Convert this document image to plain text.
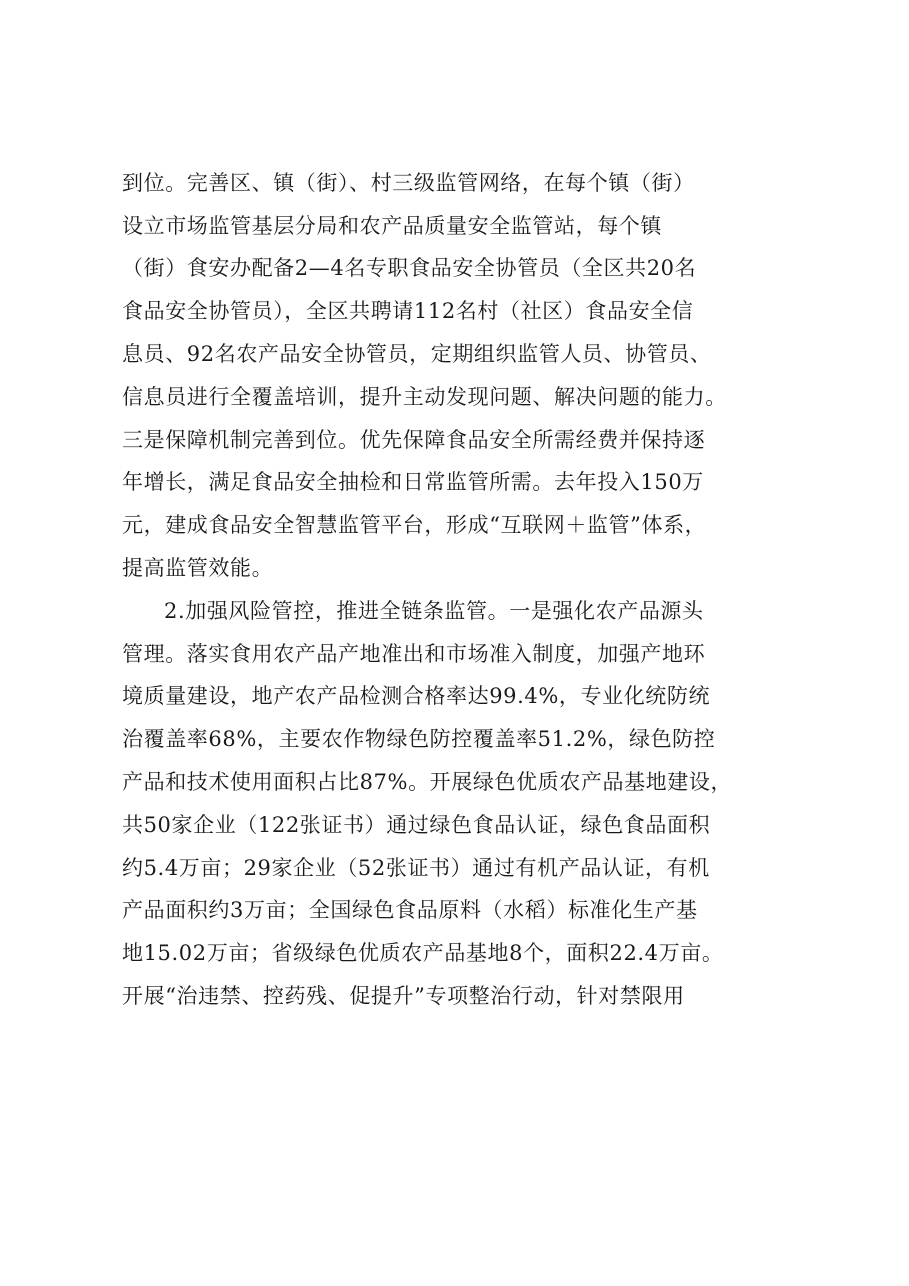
到位。完善区、镇（街）、村三级监管网络，在每个镇（街）
设立市场监管基层分局和农产品质量安全监管站，每个镇
（街）食安办配备2—4名专职食品安全协管员（全区共20名
食品安全协管员），全区共聘请112名村（社区）食品安全信
息员、92名农产品安全协管员，定期组织监管人员、协管员、
信息员进行全覆盖培训，提升主动发现问题、解决问题的能力。
三是保障机制完善到位。优先保障食品安全所需经费并保持逐
年增长，满足食品安全抽检和日常监管所需。去年投入150万
元，建成食品安全智慧监管平台，形成“互联网＋监管”体系，
提高监管效能。
2.加强风险管控，推进全链条监管。一是强化农产品源头
管理。落实食用农产品产地准出和市场准入制度，加强产地环
境质量建设，地产农产品检测合格率达99.4%，专业化统防统
治覆盖率68%，主要农作物绿色防控覆盖率51.2%，绿色防控
产品和技术使用面积占比87%。开展绿色优质农产品基地建设，
共50家企业（122张证书）通过绿色食品认证，绿色食品面积
约5.4万亩；29家企业（52张证书）通过有机产品认证，有机
产品面积约3万亩；全国绿色食品原料（水稻）标准化生产基
地15.02万亩；省级绿色优质农产品基地8个，面积22.4万亩。
开展“治违禁、控药残、促提升”专项整治行动，针对禁限用
